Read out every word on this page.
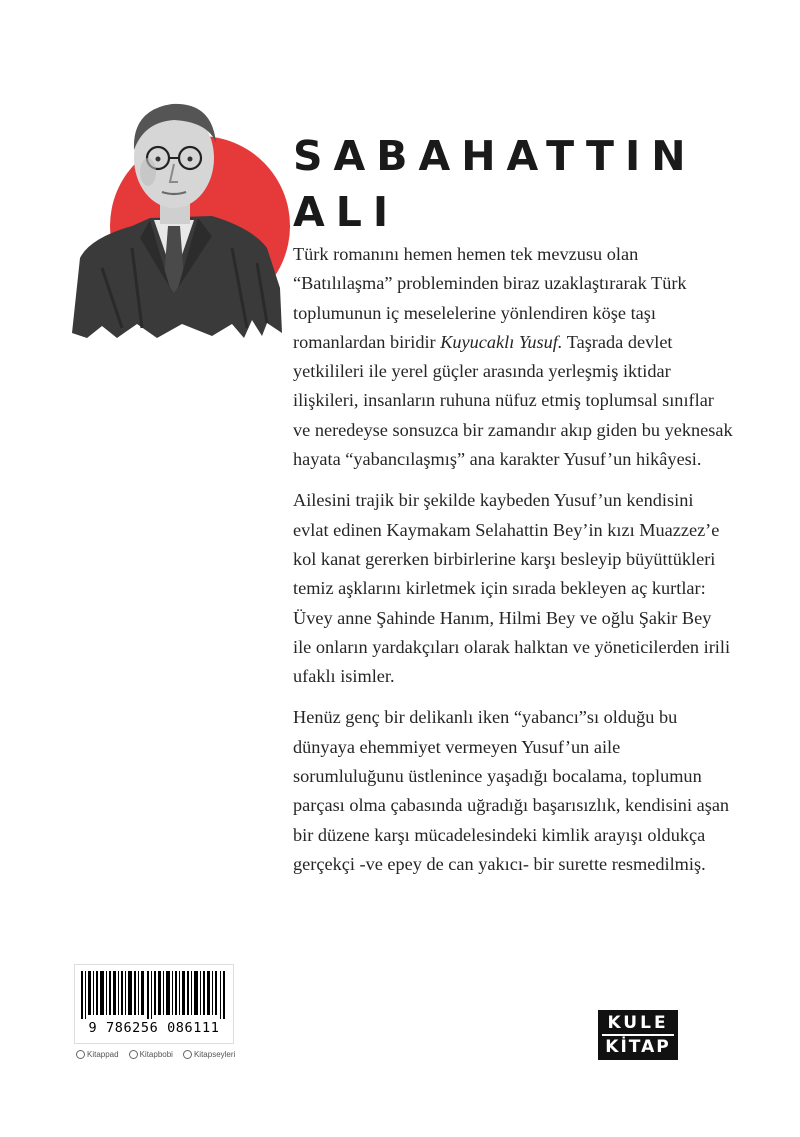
SABAHATTIN
ALI

Türk romanını hemen hemen tek mevzusu olan “Batılılaşma” probleminden biraz uzaklaştırarak Türk toplumunun iç meselelerine yönlendiren köşe taşı romanlardan biridir Kuyucaklı Yusuf. Taşrada devlet yetkilileri ile yerel güçler arasında yerleşmiş iktidar ilişkileri, insanların ruhuna nüfuz etmiş toplumsal sınıflar ve neredeyse sonsuzca bir zamandır akıp giden bu yeknesak hayata “yabancılaşmış” ana karakter Yusuf’un hikâyesi.

Ailesini trajik bir şekilde kaybeden Yusuf’un kendisini evlat edinen Kaymakam Selahattin Bey’in kızı Muazzez’e kol kanat gererken birbirlerine karşı besleyip büyüttükleri temiz aşklarını kirletmek için sırada bekleyen aç kurtlar: Üvey anne Şahinde Hanım, Hilmi Bey ve oğlu Şakir Bey ile onların yardakçıları olarak halktan ve yöneticilerden irili ufaklı isimler.

Henüz genç bir delikanlı iken “yabancı”sı olduğu bu dünyaya ehemmiyet vermeyen Yusuf’un aile sorumluluğunu üstlenince yaşadığı bocalama, toplumun parçası olma çabasında uğradığı başarısızlık, kendisini aşan bir düzene karşı mücadelesindeki kimlik arayışı oldukça gerçekçi -ve epey de can yakıcı- bir surette resmedilmiş.

9 786256 086111
Kitappad	Kitapbobi	Kitapseyleri
KULE
KİTAP
